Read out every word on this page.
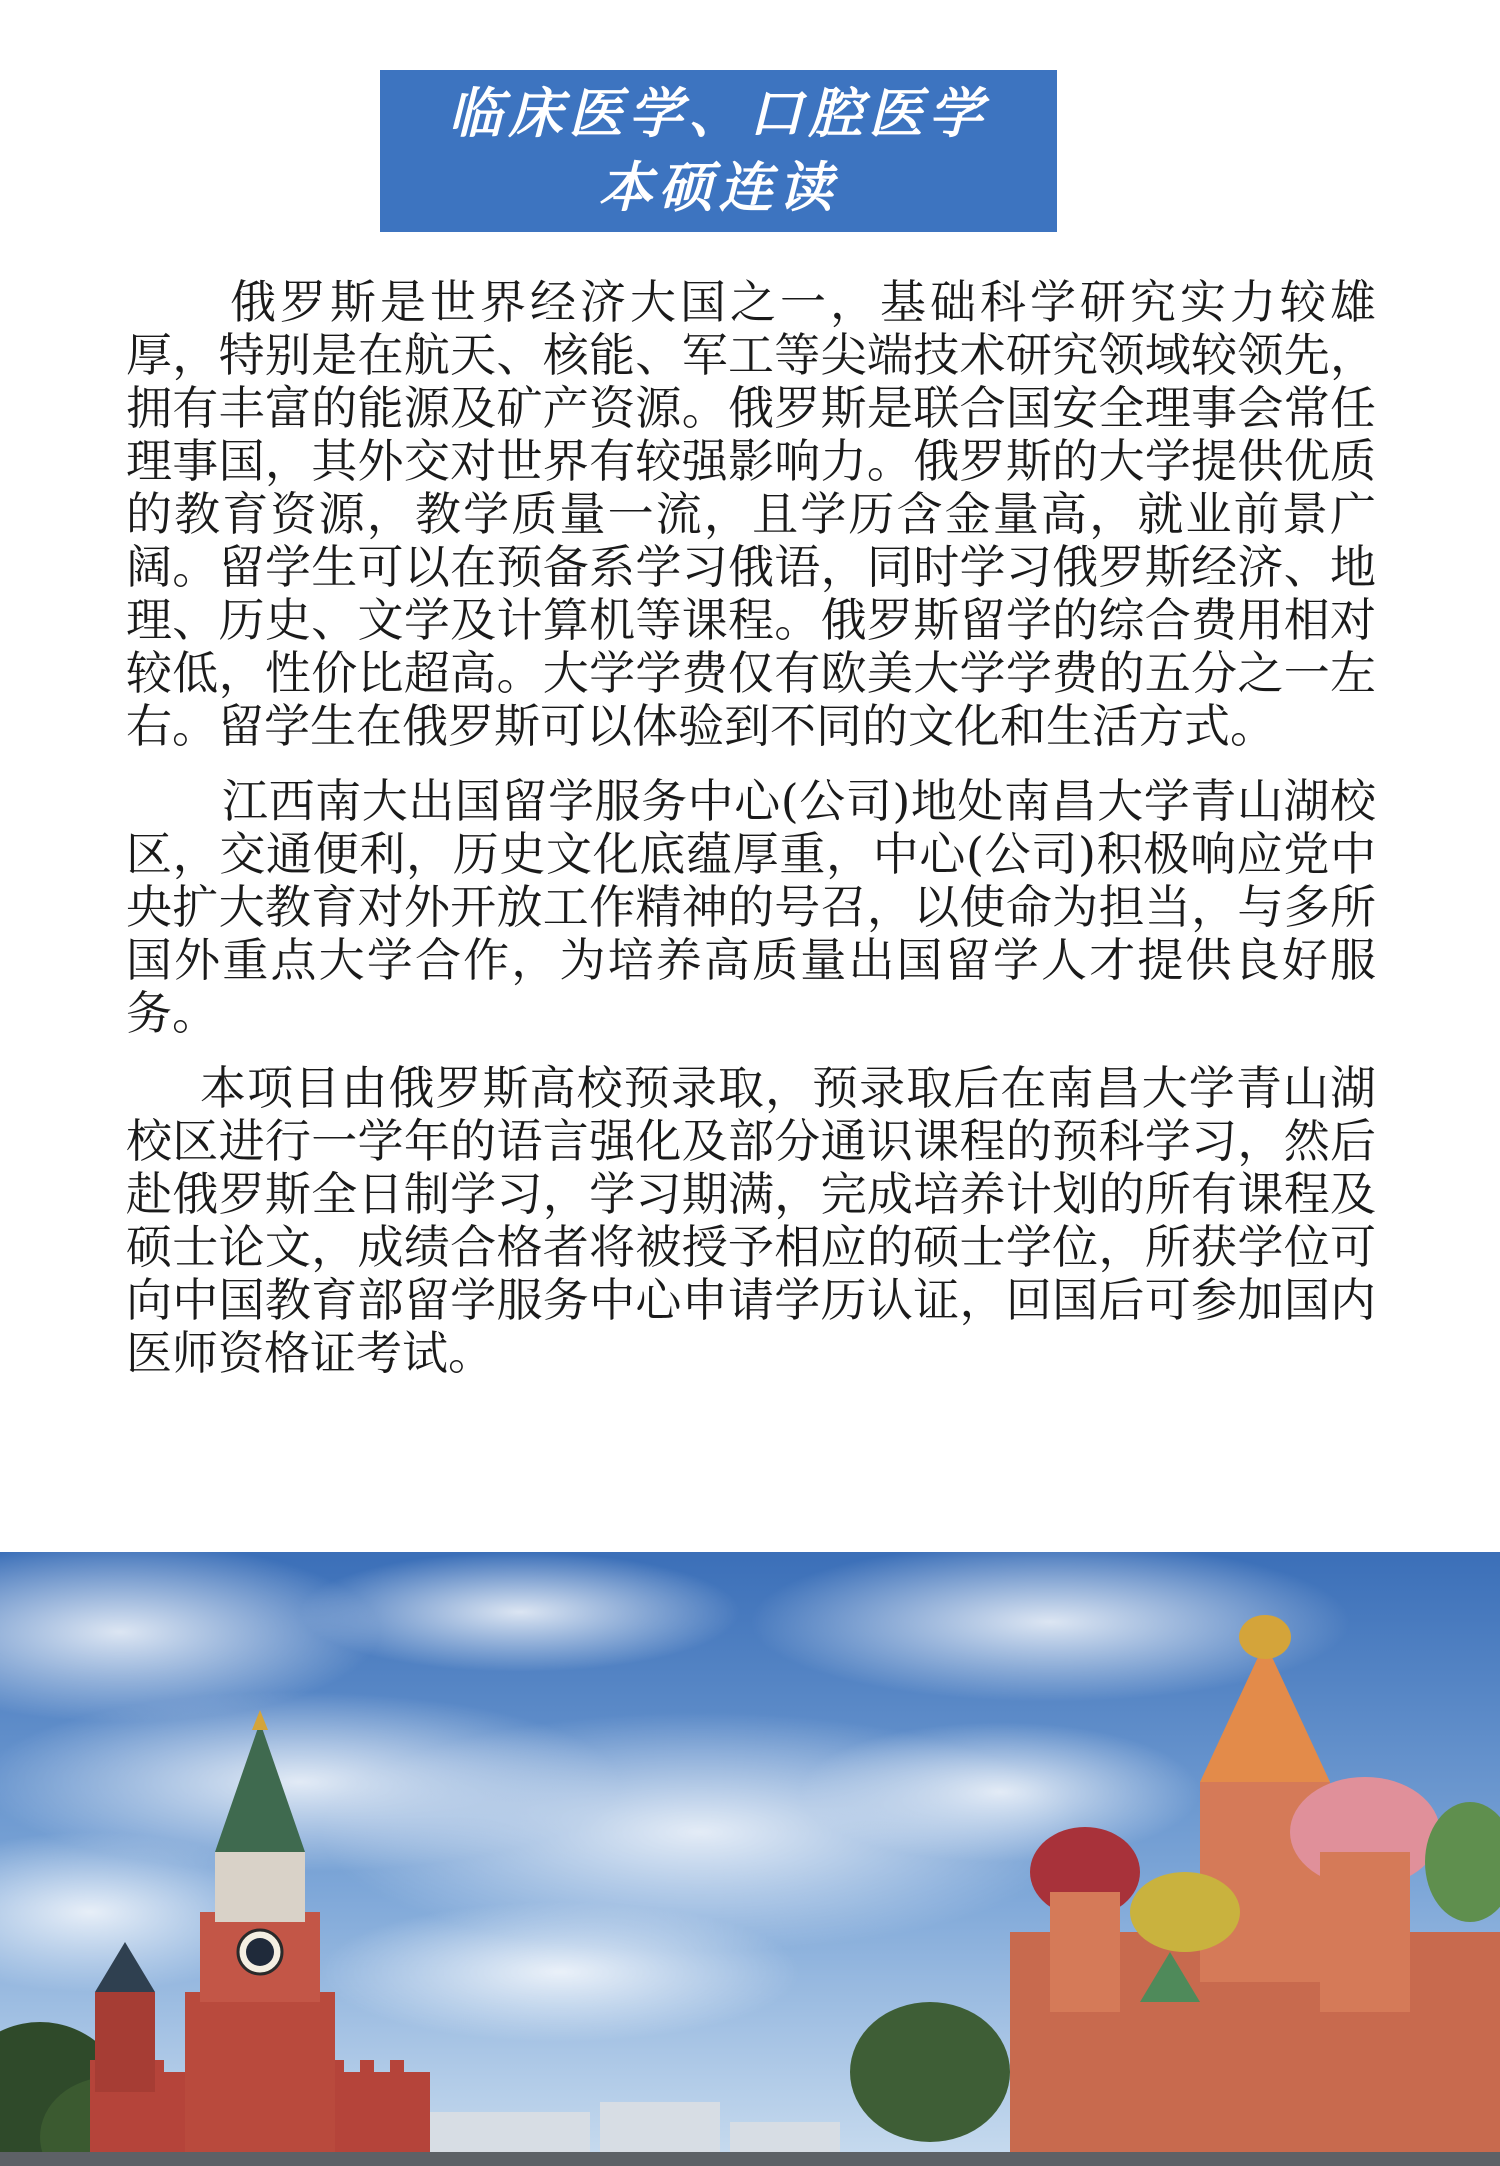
临床医学、口腔医学
本硕连读

俄罗斯是世界经济大国之一，基础科学研究实力较雄厚，特别是在航天、核能、军工等尖端技术研究领域较领先，拥有丰富的能源及矿产资源。俄罗斯是联合国安全理事会常任理事国，其外交对世界有较强影响力。俄罗斯的大学提供优质的教育资源，教学质量一流，且学历含金量高，就业前景广阔。留学生可以在预备系学习俄语，同时学习俄罗斯经济、地理、历史、文学及计算机等课程。俄罗斯留学的综合费用相对较低，性价比超高。大学学费仅有欧美大学学费的五分之一左右。留学生在俄罗斯可以体验到不同的文化和生活方式。

江西南大出国留学服务中心(公司)地处南昌大学青山湖校区，交通便利，历史文化底蕴厚重，中心(公司)积极响应党中央扩大教育对外开放工作精神的号召，以使命为担当，与多所国外重点大学合作，为培养高质量出国留学人才提供良好服务。

本项目由俄罗斯高校预录取，预录取后在南昌大学青山湖校区进行一学年的语言强化及部分通识课程的预科学习，然后赴俄罗斯全日制学习，学习期满，完成培养计划的所有课程及硕士论文，成绩合格者将被授予相应的硕士学位，所获学位可向中国教育部留学服务中心申请学历认证，回国后可参加国内医师资格证考试。
